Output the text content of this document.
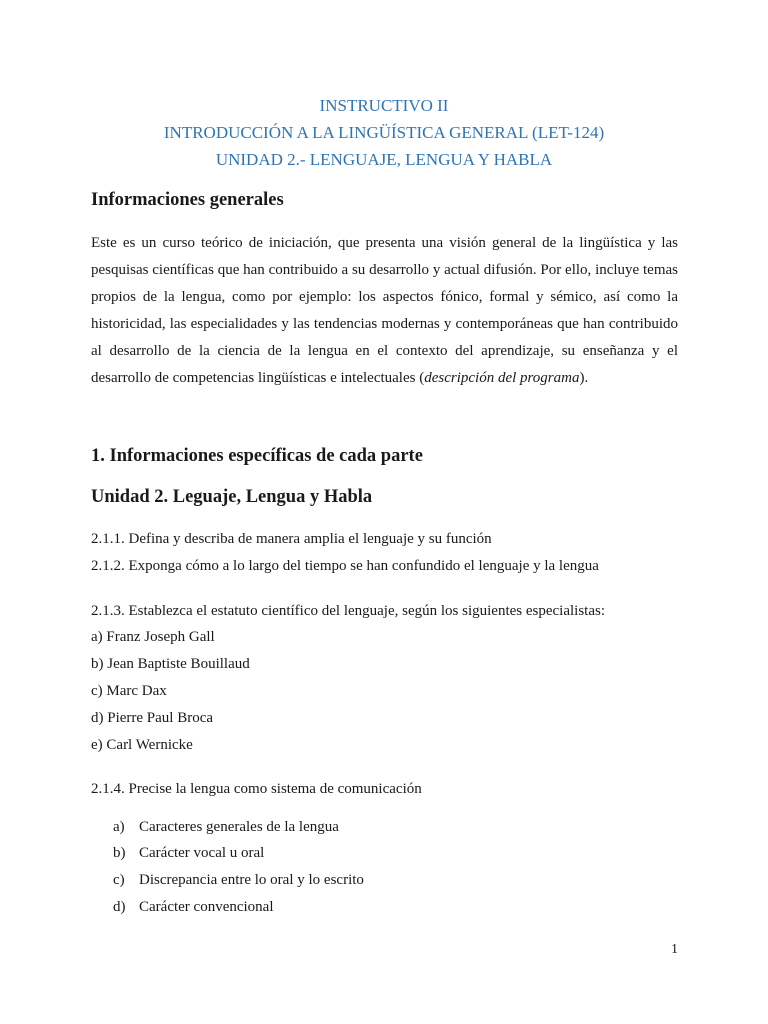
INSTRUCTIVO II
INTRODUCCIÓN A LA LINGÜÍSTICA GENERAL (LET-124)
UNIDAD 2.- LENGUAJE, LENGUA Y HABLA
Informaciones generales

Este es un curso teórico de iniciación, que presenta una visión general de la lingüística y las pesquisas científicas que han contribuido a su desarrollo y actual difusión. Por ello, incluye temas propios de la lengua, como por ejemplo: los aspectos fónico, formal y sémico, así como la historicidad, las especialidades y las tendencias modernas y contemporáneas que han contribuido al desarrollo de la ciencia de la lengua en el contexto del aprendizaje, su enseñanza y el desarrollo de competencias lingüísticas e intelectuales (descripción del programa).

1. Informaciones específicas de cada parte
Unidad 2. Leguaje, Lengua y Habla

2.1.1. Defina y describa de manera amplia el lenguaje y su función

2.1.2. Exponga cómo a lo largo del tiempo se han confundido el lenguaje y la lengua

2.1.3. Establezca el estatuto científico del lenguaje, según los siguientes especialistas:

a) Franz Joseph Gall

b) Jean Baptiste Bouillaud

c) Marc Dax

d) Pierre Paul Broca

e) Carl Wernicke

2.1.4. Precise la lengua como sistema de comunicación

a) Caracteres generales de la lengua
b) Carácter vocal u oral
c) Discrepancia entre lo oral y lo escrito
d) Carácter convencional
1
